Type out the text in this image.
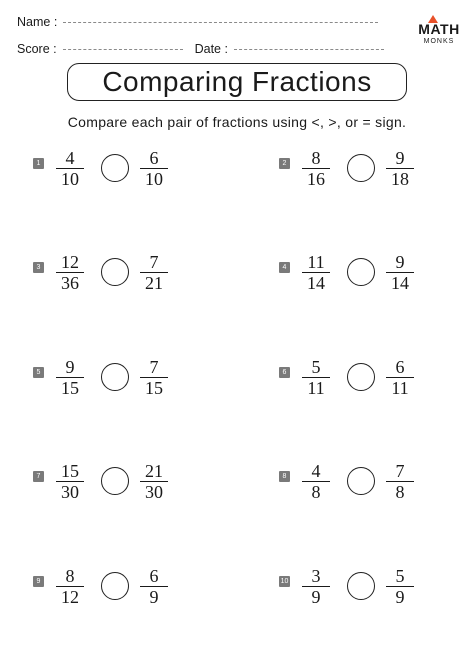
Name :
Score :	Date :
MATH
MONKS
Comparing Fractions
Compare each pair of fractions using <, >, or = sign.
1	4
10
6
10
2	8
16
9
18
3	12
36
7
21
4	11
14
9
14
5	9
15
7
15
6	5
11
6
11
7	15
30
21
30
8	4
8
7
8
9	8
12
6
9
10	3
9
5
9
